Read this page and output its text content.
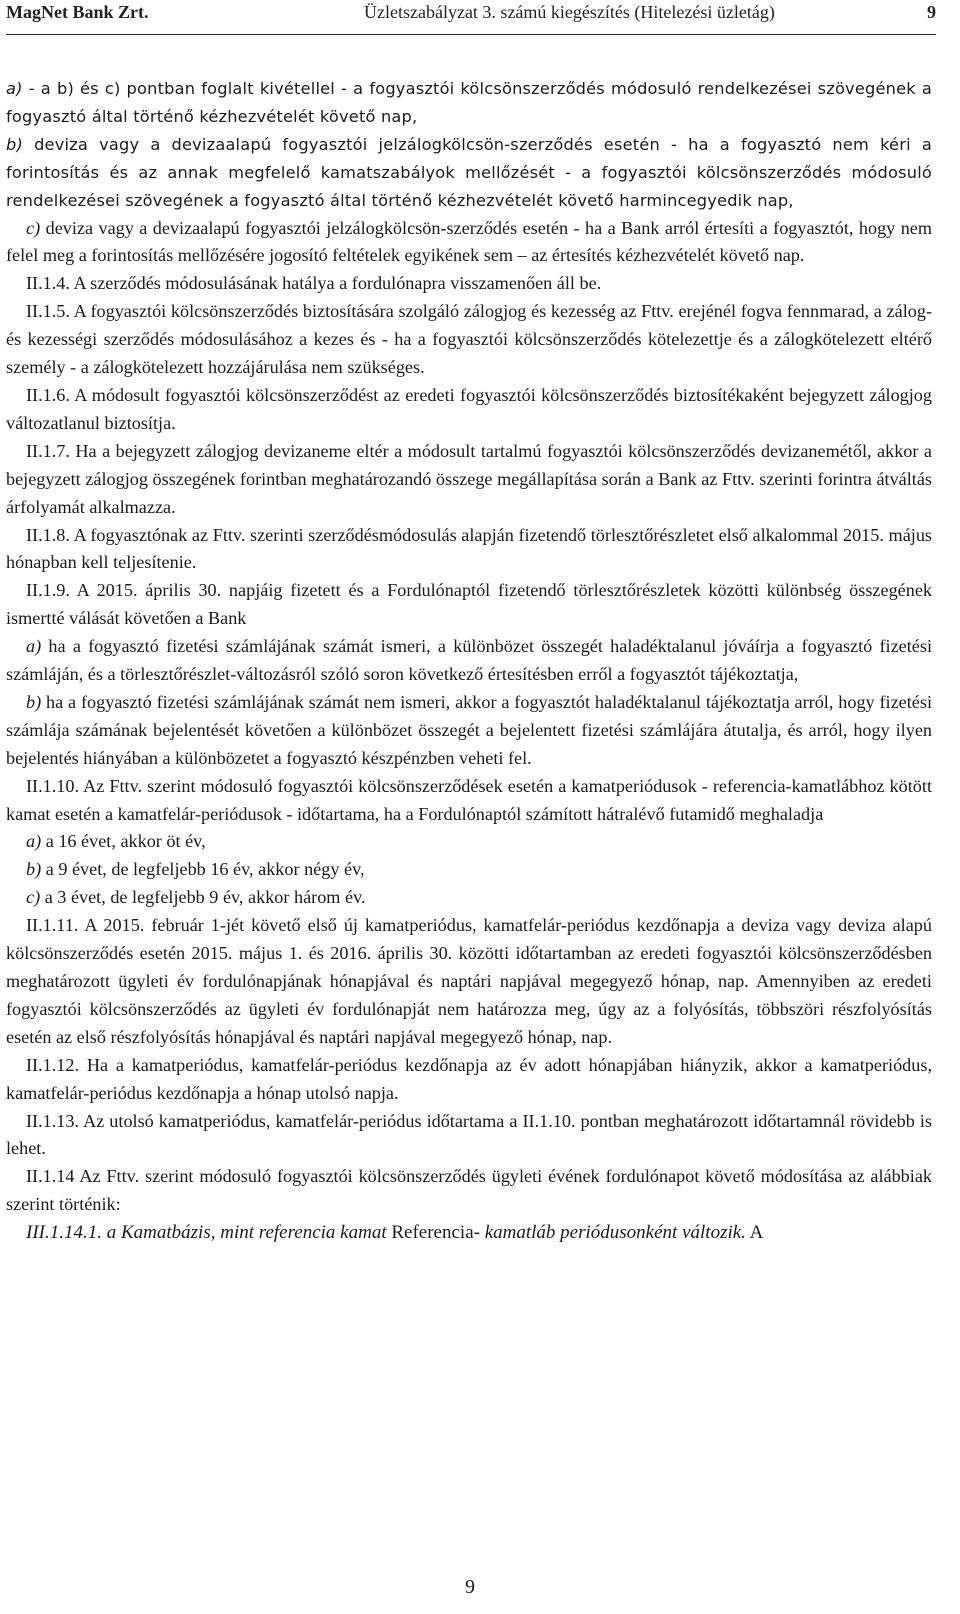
MagNet Bank Zrt.	Üzletszabályzat 3. számú kiegészítés (Hitelezési üzletág)	9

a) - a b) és c) pontban foglalt kivétellel - a fogyasztói kölcsönszerződés módosuló rendelkezései szövegének a fogyasztó által történő kézhezvételét követő nap,

b) deviza vagy a devizaalapú fogyasztói jelzálogkölcsön-szerződés esetén - ha a fogyasztó nem kéri a forintosítás és az annak megfelelő kamatszabályok mellőzését - a fogyasztói kölcsönszerződés módosuló rendelkezései szövegének a fogyasztó által történő kézhezvételét követő harmincegyedik nap,

c) deviza vagy a devizaalapú fogyasztói jelzálogkölcsön-szerződés esetén - ha a Bank arról értesíti a fogyasztót, hogy nem felel meg a forintosítás mellőzésére jogosító feltételek egyikének sem – az értesítés kézhezvételét követő nap.

II.1.4. A szerződés módosulásának hatálya a fordulónapra visszamenően áll be.

II.1.5. A fogyasztói kölcsönszerződés biztosítására szolgáló zálogjog és kezesség az Fttv. erejénél fogva fennmarad, a zálog- és kezességi szerződés módosulásához a kezes és - ha a fogyasztói kölcsönszerződés kötelezettje és a zálogkötelezett eltérő személy - a zálogkötelezett hozzájárulása nem szükséges.

II.1.6. A módosult fogyasztói kölcsönszerződést az eredeti fogyasztói kölcsönszerződés biztosítékaként bejegyzett zálogjog változatlanul biztosítja.

II.1.7. Ha a bejegyzett zálogjog devizaneme eltér a módosult tartalmú fogyasztói kölcsönszerződés devizanemétől, akkor a bejegyzett zálogjog összegének forintban meghatározandó összege megállapítása során a Bank az Fttv. szerinti forintra átváltás árfolyamát alkalmazza.

II.1.8. A fogyasztónak az Fttv. szerinti szerződésmódosulás alapján fizetendő törlesztőrészletet első alkalommal 2015. május hónapban kell teljesítenie.

II.1.9. A 2015. április 30. napjáig fizetett és a Fordulónaptól fizetendő törlesztőrészletek közötti különbség összegének ismertté válását követően a Bank

a) ha a fogyasztó fizetési számlájának számát ismeri, a különbözet összegét haladéktalanul jóváírja a fogyasztó fizetési számláján, és a törlesztőrészlet-változásról szóló soron következő értesítésben erről a fogyasztót tájékoztatja,

b) ha a fogyasztó fizetési számlájának számát nem ismeri, akkor a fogyasztót haladéktalanul tájékoztatja arról, hogy fizetési számlája számának bejelentését követően a különbözet összegét a bejelentett fizetési számlájára átutalja, és arról, hogy ilyen bejelentés hiányában a különbözetet a fogyasztó készpénzben veheti fel.

II.1.10. Az Fttv. szerint módosuló fogyasztói kölcsönszerződések esetén a kamatperiódusok - referencia-kamatlábhoz kötött kamat esetén a kamatfelár-periódusok - időtartama, ha a Fordulónaptól számított hátralévő futamidő meghaladja

a) a 16 évet, akkor öt év,

b) a 9 évet, de legfeljebb 16 év, akkor négy év,

c) a 3 évet, de legfeljebb 9 év, akkor három év.

II.1.11. A 2015. február 1-jét követő első új kamatperiódus, kamatfelár-periódus kezdőnapja a deviza vagy deviza alapú kölcsönszerződés esetén 2015. május 1. és 2016. április 30. közötti időtartamban az eredeti fogyasztói kölcsönszerződésben meghatározott ügyleti év fordulónapjának hónapjával és naptári napjával megegyező hónap, nap. Amennyiben az eredeti fogyasztói kölcsönszerződés az ügyleti év fordulónapját nem határozza meg, úgy az a folyósítás, többszöri részfolyósítás esetén az első részfolyósítás hónapjával és naptári napjával megegyező hónap, nap.

II.1.12. Ha a kamatperiódus, kamatfelár-periódus kezdőnapja az év adott hónapjában hiányzik, akkor a kamatperiódus, kamatfelár-periódus kezdőnapja a hónap utolsó napja.

II.1.13. Az utolsó kamatperiódus, kamatfelár-periódus időtartama a II.1.10. pontban meghatározott időtartamnál rövidebb is lehet.

II.1.14 Az Fttv. szerint módosuló fogyasztói kölcsönszerződés ügyleti évének fordulónapot követő módosítása az alábbiak szerint történik:

III.1.14.1. a Kamatbázis, mint referencia kamat Referencia- kamatláb periódusonként változik. A

9
